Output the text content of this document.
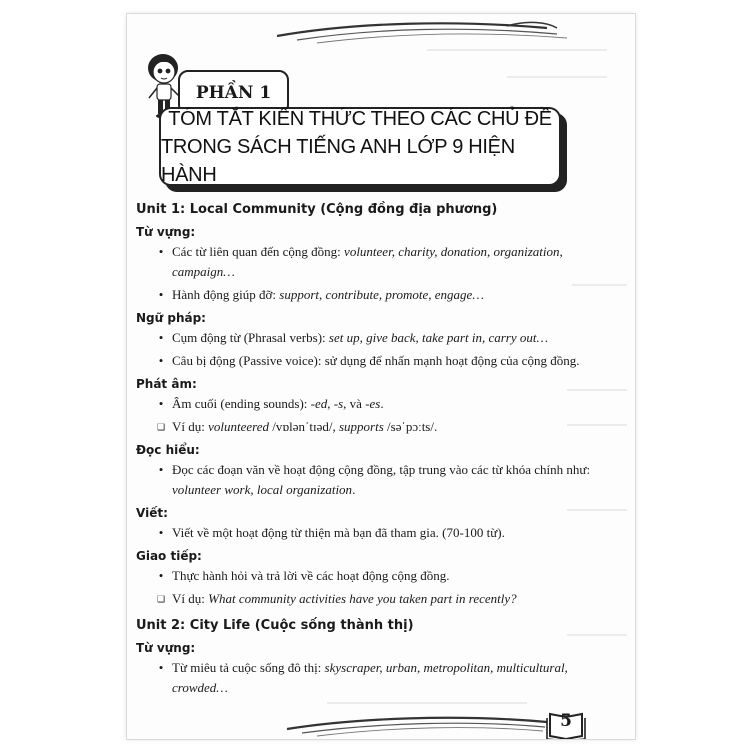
PHẦN 1
TÓM TẮT KIẾN THỨC THEO CÁC CHỦ ĐỀ
TRONG SÁCH TIẾNG ANH LỚP 9 HIỆN HÀNH
Unit 1: Local Community (Cộng đồng địa phương)
Từ vựng:
• Các từ liên quan đến cộng đồng: volunteer, charity, donation, organization, campaign…
• Hành động giúp đỡ: support, contribute, promote, engage…
Ngữ pháp:
• Cụm động từ (Phrasal verbs): set up, give back, take part in, carry out…
• Câu bị động (Passive voice): sử dụng để nhấn mạnh hoạt động của cộng đồng.
Phát âm:
• Âm cuối (ending sounds): -ed, -s, và -es.
❑ Ví dụ: volunteered /vɒlənˈtɪəd/, supports /səˈpɔːts/.
Đọc hiểu:
• Đọc các đoạn văn về hoạt động cộng đồng, tập trung vào các từ khóa chính như: volunteer work, local organization.
Viết:
• Viết về một hoạt động từ thiện mà bạn đã tham gia. (70-100 từ).
Giao tiếp:
• Thực hành hỏi và trả lời về các hoạt động cộng đồng.
❑ Ví dụ: What community activities have you taken part in recently?
Unit 2: City Life (Cuộc sống thành thị)
Từ vựng:
• Từ miêu tả cuộc sống đô thị: skyscraper, urban, metropolitan, multicultural, crowded…
5
